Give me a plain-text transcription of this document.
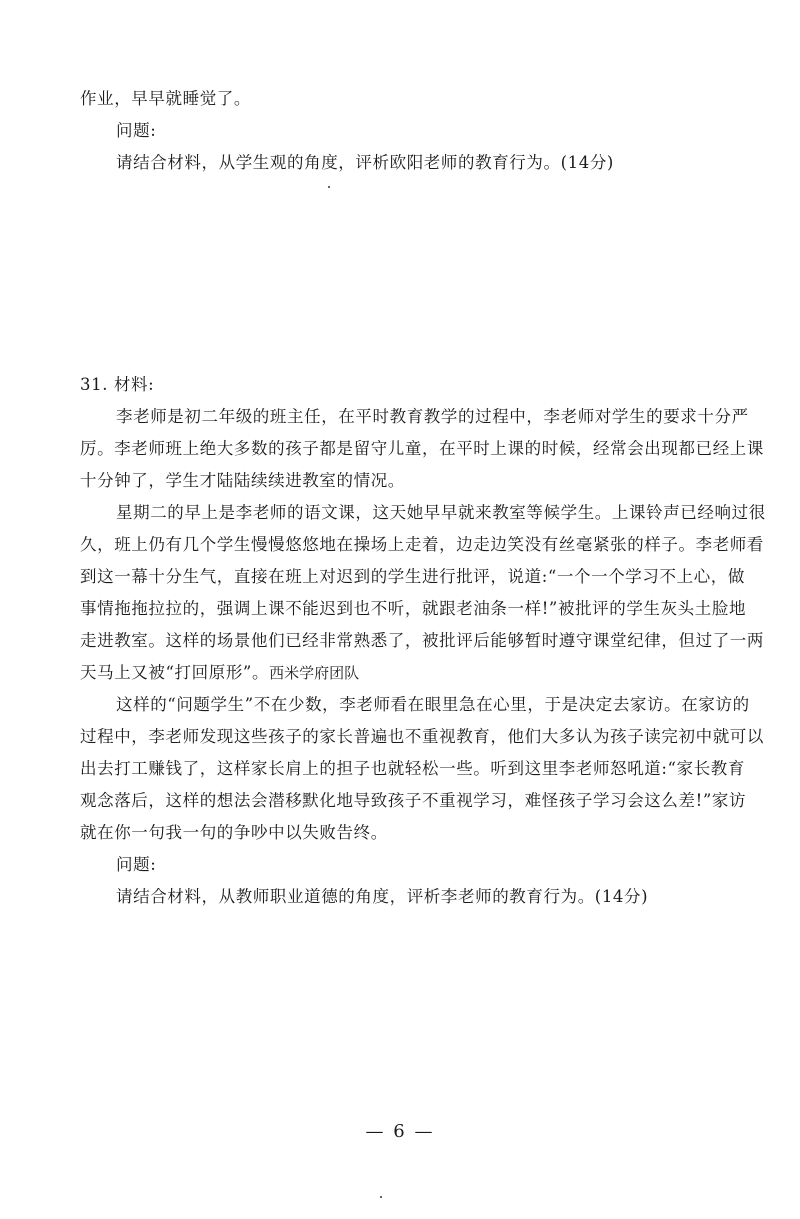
作业，早早就睡觉了。
问题:
请结合材料，从学生观的角度，评析欧阳老师的教育行为。(14分)
31. 材料:
李老师是初二年级的班主任，在平时教育教学的过程中，李老师对学生的要求十分严
厉。李老师班上绝大多数的孩子都是留守儿童，在平时上课的时候，经常会出现都已经上课
十分钟了，学生才陆陆续续进教室的情况。
星期二的早上是李老师的语文课，这天她早早就来教室等候学生。上课铃声已经响过很
久，班上仍有几个学生慢慢悠悠地在操场上走着，边走边笑没有丝毫紧张的样子。李老师看
到这一幕十分生气，直接在班上对迟到的学生进行批评，说道:“一个一个学习不上心，做
事情拖拖拉拉的，强调上课不能迟到也不听，就跟老油条一样!”被批评的学生灰头土脸地
走进教室。这样的场景他们已经非常熟悉了，被批评后能够暂时遵守课堂纪律，但过了一两
天马上又被“打回原形”。西米学府团队
这样的“问题学生”不在少数，李老师看在眼里急在心里，于是决定去家访。在家访的
过程中，李老师发现这些孩子的家长普遍也不重视教育，他们大多认为孩子读完初中就可以
出去打工赚钱了，这样家长肩上的担子也就轻松一些。听到这里李老师怒吼道:“家长教育
观念落后，这样的想法会潜移默化地导致孩子不重视学习，难怪孩子学习会这么差!”家访
就在你一句我一句的争吵中以失败告终。
问题:
请结合材料，从教师职业道德的角度，评析李老师的教育行为。(14分)
— 6 —
